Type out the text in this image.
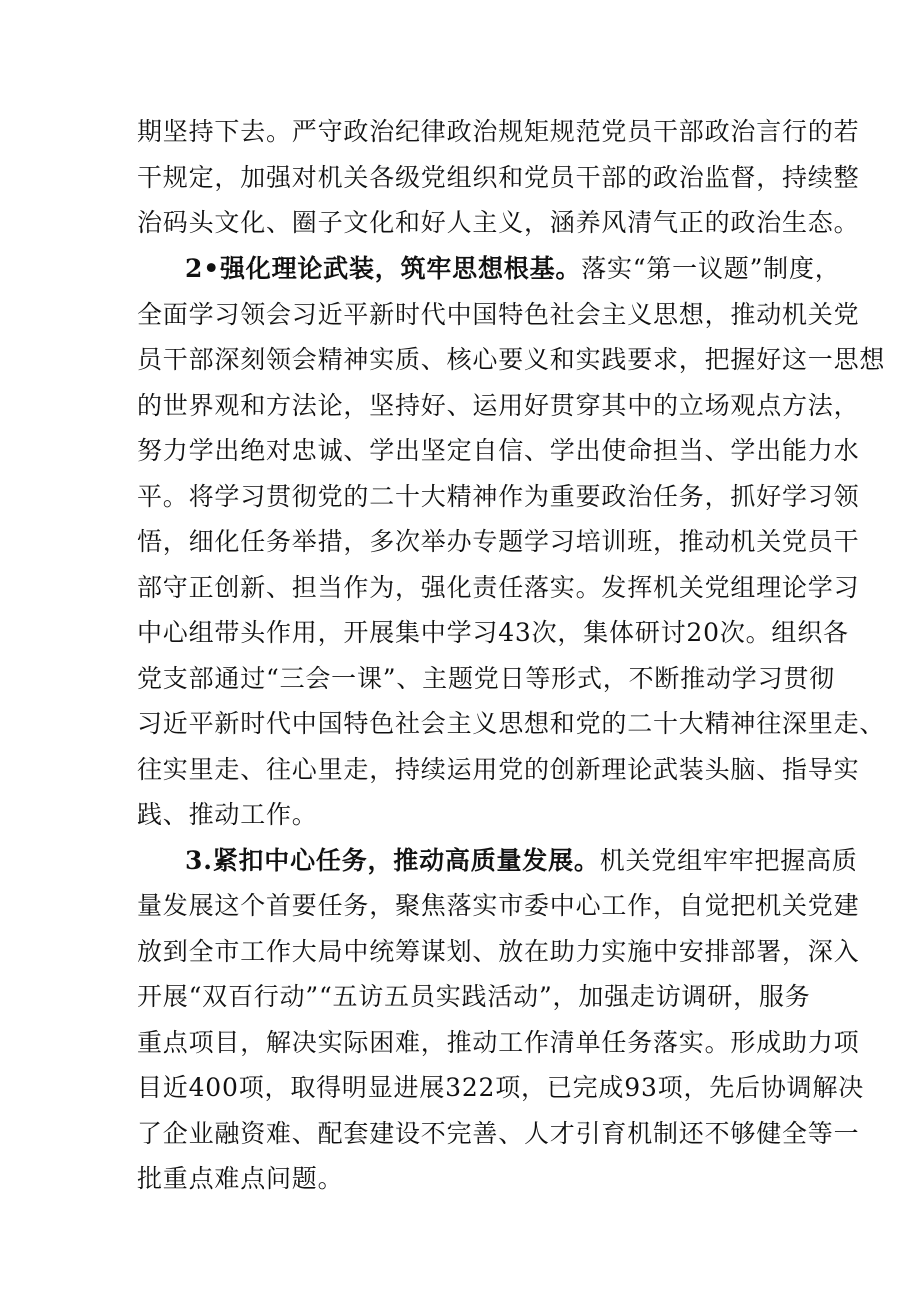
期坚持下去。严守政治纪律政治规矩规范党员干部政治言行的若
干规定，加强对机关各级党组织和党员干部的政治监督，持续整
治码头文化、圈子文化和好人主义，涵养风清气正的政治生态。
2•强化理论武装，筑牢思想根基。落实“第一议题”制度，
全面学习领会习近平新时代中国特色社会主义思想，推动机关党
员干部深刻领会精神实质、核心要义和实践要求，把握好这一思想
的世界观和方法论，坚持好、运用好贯穿其中的立场观点方法，
努力学出绝对忠诚、学出坚定自信、学出使命担当、学出能力水
平。将学习贯彻党的二十大精神作为重要政治任务，抓好学习领
悟，细化任务举措，多次举办专题学习培训班，推动机关党员干
部守正创新、担当作为，强化责任落实。发挥机关党组理论学习
中心组带头作用，开展集中学习43次，集体研讨20次。组织各
党支部通过“三会一课”、主题党日等形式，不断推动学习贯彻
习近平新时代中国特色社会主义思想和党的二十大精神往深里走、
往实里走、往心里走，持续运用党的创新理论武装头脑、指导实
践、推动工作。
3.紧扣中心任务，推动高质量发展。机关党组牢牢把握高质
量发展这个首要任务，聚焦落实市委中心工作，自觉把机关党建
放到全市工作大局中统筹谋划、放在助力实施中安排部署，深入
开展“双百行动”“五访五员实践活动”，加强走访调研，服务
重点项目，解决实际困难，推动工作清单任务落实。形成助力项
目近400项，取得明显进展322项，已完成93项，先后协调解决
了企业融资难、配套建设不完善、人才引育机制还不够健全等一
批重点难点问题。
